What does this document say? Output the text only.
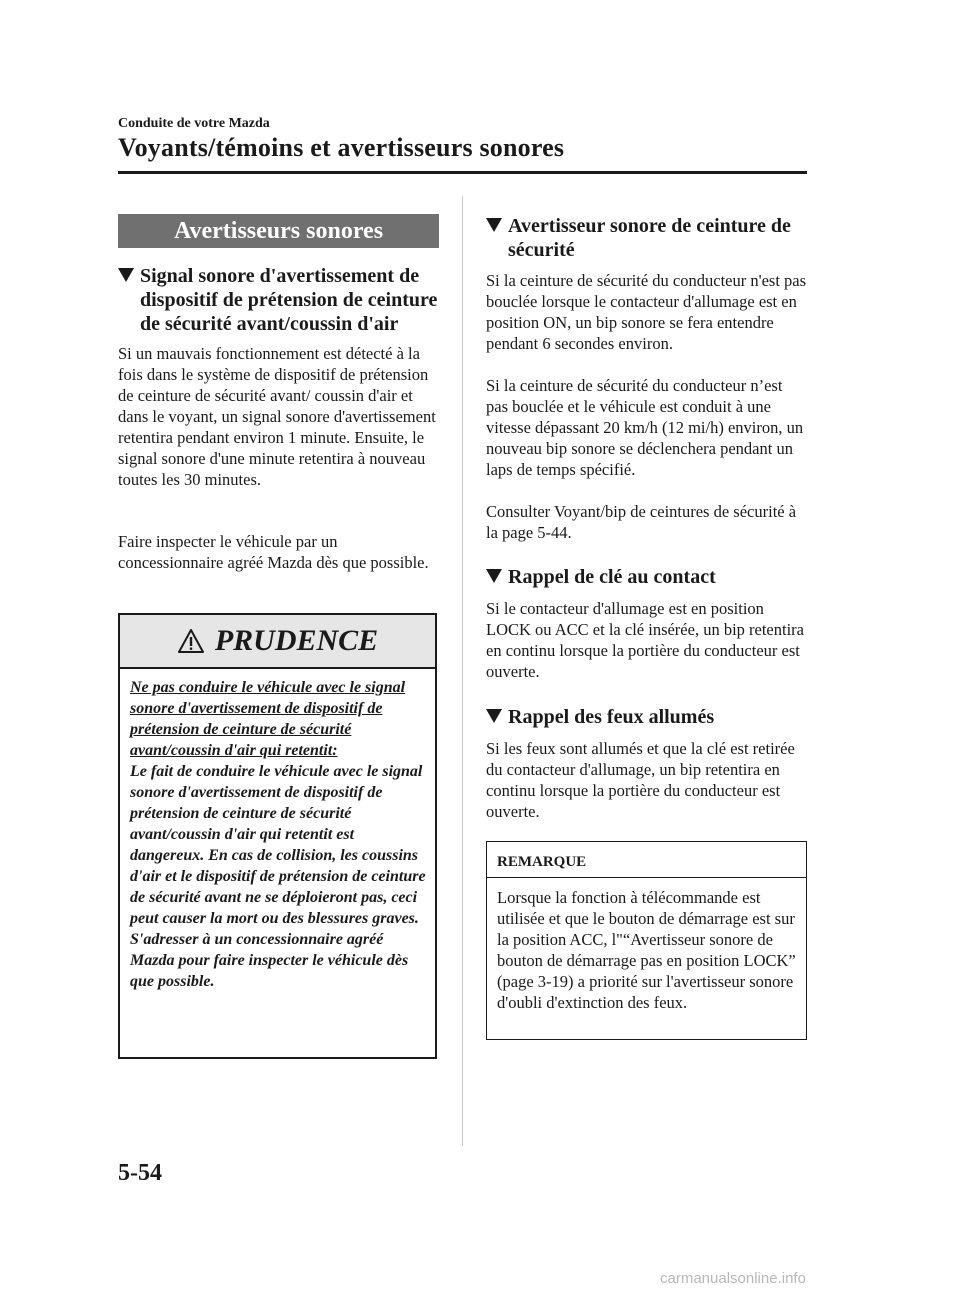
Conduite de votre Mazda
Voyants/témoins et avertisseurs sonores
Avertisseurs sonores
Signal sonore d'avertissement de dispositif de prétension de ceinture de sécurité avant/coussin d'air
Si un mauvais fonctionnement est détecté à la fois dans le système de dispositif de prétension de ceinture de sécurité avant/ coussin d'air et dans le voyant, un signal sonore d'avertissement retentira pendant environ 1 minute. Ensuite, le signal sonore d'une minute retentira à nouveau toutes les 30 minutes.
Faire inspecter le véhicule par un concessionnaire agréé Mazda dès que possible.
PRUDENCE
Ne pas conduire le véhicule avec le signal sonore d'avertissement de dispositif de prétension de ceinture de sécurité avant/coussin d'air qui retentit:
Le fait de conduire le véhicule avec le signal sonore d'avertissement de dispositif de prétension de ceinture de sécurité avant/coussin d'air qui retentit est dangereux. En cas de collision, les coussins d'air et le dispositif de prétension de ceinture de sécurité avant ne se déploieront pas, ceci peut causer la mort ou des blessures graves.
S'adresser à un concessionnaire agréé Mazda pour faire inspecter le véhicule dès que possible.
Avertisseur sonore de ceinture de sécurité
Si la ceinture de sécurité du conducteur n'est pas bouclée lorsque le contacteur d'allumage est en position ON, un bip sonore se fera entendre pendant 6 secondes environ.
Si la ceinture de sécurité du conducteur n’est pas bouclée et le véhicule est conduit à une vitesse dépassant 20 km/h (12 mi/h) environ, un nouveau bip sonore se déclenchera pendant un laps de temps spécifié.
Consulter Voyant/bip de ceintures de sécurité à la page 5-44.
Rappel de clé au contact
Si le contacteur d'allumage est en position LOCK ou ACC et la clé insérée, un bip retentira en continu lorsque la portière du conducteur est ouverte.
Rappel des feux allumés
Si les feux sont allumés et que la clé est retirée du contacteur d'allumage, un bip retentira en continu lorsque la portière du conducteur est ouverte.
REMARQUE
Lorsque la fonction à télécommande est utilisée et que le bouton de démarrage est sur la position ACC, l"“Avertisseur sonore de bouton de démarrage pas en position LOCK” (page 3-19) a priorité sur l'avertisseur sonore d'oubli d'extinction des feux.
5-54
carmanualsonline.info
